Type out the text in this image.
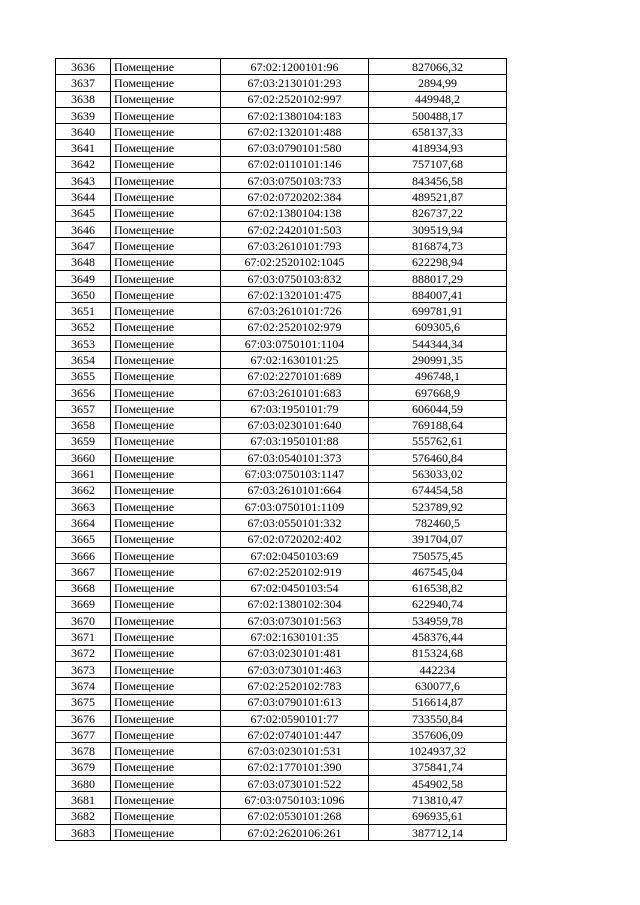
3636	Помещение	67:02:1200101:96	827066,32
3637	Помещение	67:03:2130101:293	2894,99
3638	Помещение	67:02:2520102:997	449948,2
3639	Помещение	67:02:1380104:183	500488,17
3640	Помещение	67:02:1320101:488	658137,33
3641	Помещение	67:03:0790101:580	418934,93
3642	Помещение	67:02:0110101:146	757107,68
3643	Помещение	67:03:0750103:733	843456,58
3644	Помещение	67:02:0720202:384	489521,87
3645	Помещение	67:02:1380104:138	826737,22
3646	Помещение	67:02:2420101:503	309519,94
3647	Помещение	67:03:2610101:793	816874,73
3648	Помещение	67:02:2520102:1045	622298,94
3649	Помещение	67:03:0750103:832	888017,29
3650	Помещение	67:02:1320101:475	884007,41
3651	Помещение	67:03:2610101:726	699781,91
3652	Помещение	67:02:2520102:979	609305,6
3653	Помещение	67:03:0750101:1104	544344,34
3654	Помещение	67:02:1630101:25	290991,35
3655	Помещение	67:02:2270101:689	496748,1
3656	Помещение	67:03:2610101:683	697668,9
3657	Помещение	67:03:1950101:79	606044,59
3658	Помещение	67:03:0230101:640	769188,64
3659	Помещение	67:03:1950101:88	555762,61
3660	Помещение	67:03:0540101:373	576460,84
3661	Помещение	67:03:0750103:1147	563033,02
3662	Помещение	67:03:2610101:664	674454,58
3663	Помещение	67:03:0750101:1109	523789,92
3664	Помещение	67:03:0550101:332	782460,5
3665	Помещение	67:02:0720202:402	391704,07
3666	Помещение	67:02:0450103:69	750575,45
3667	Помещение	67:02:2520102:919	467545,04
3668	Помещение	67:02:0450103:54	616538,82
3669	Помещение	67:02:1380102:304	622940,74
3670	Помещение	67:03:0730101:563	534959,78
3671	Помещение	67:02:1630101:35	458376,44
3672	Помещение	67:03:0230101:481	815324,68
3673	Помещение	67:03:0730101:463	442234
3674	Помещение	67:02:2520102:783	630077,6
3675	Помещение	67:03:0790101:613	516614,87
3676	Помещение	67:02:0590101:77	733550,84
3677	Помещение	67:02:0740101:447	357606,09
3678	Помещение	67:03:0230101:531	1024937,32
3679	Помещение	67:02:1770101:390	375841,74
3680	Помещение	67:03:0730101:522	454902,58
3681	Помещение	67:03:0750103:1096	713810,47
3682	Помещение	67:02:0530101:268	696935,61
3683	Помещение	67:02:2620106:261	387712,14
